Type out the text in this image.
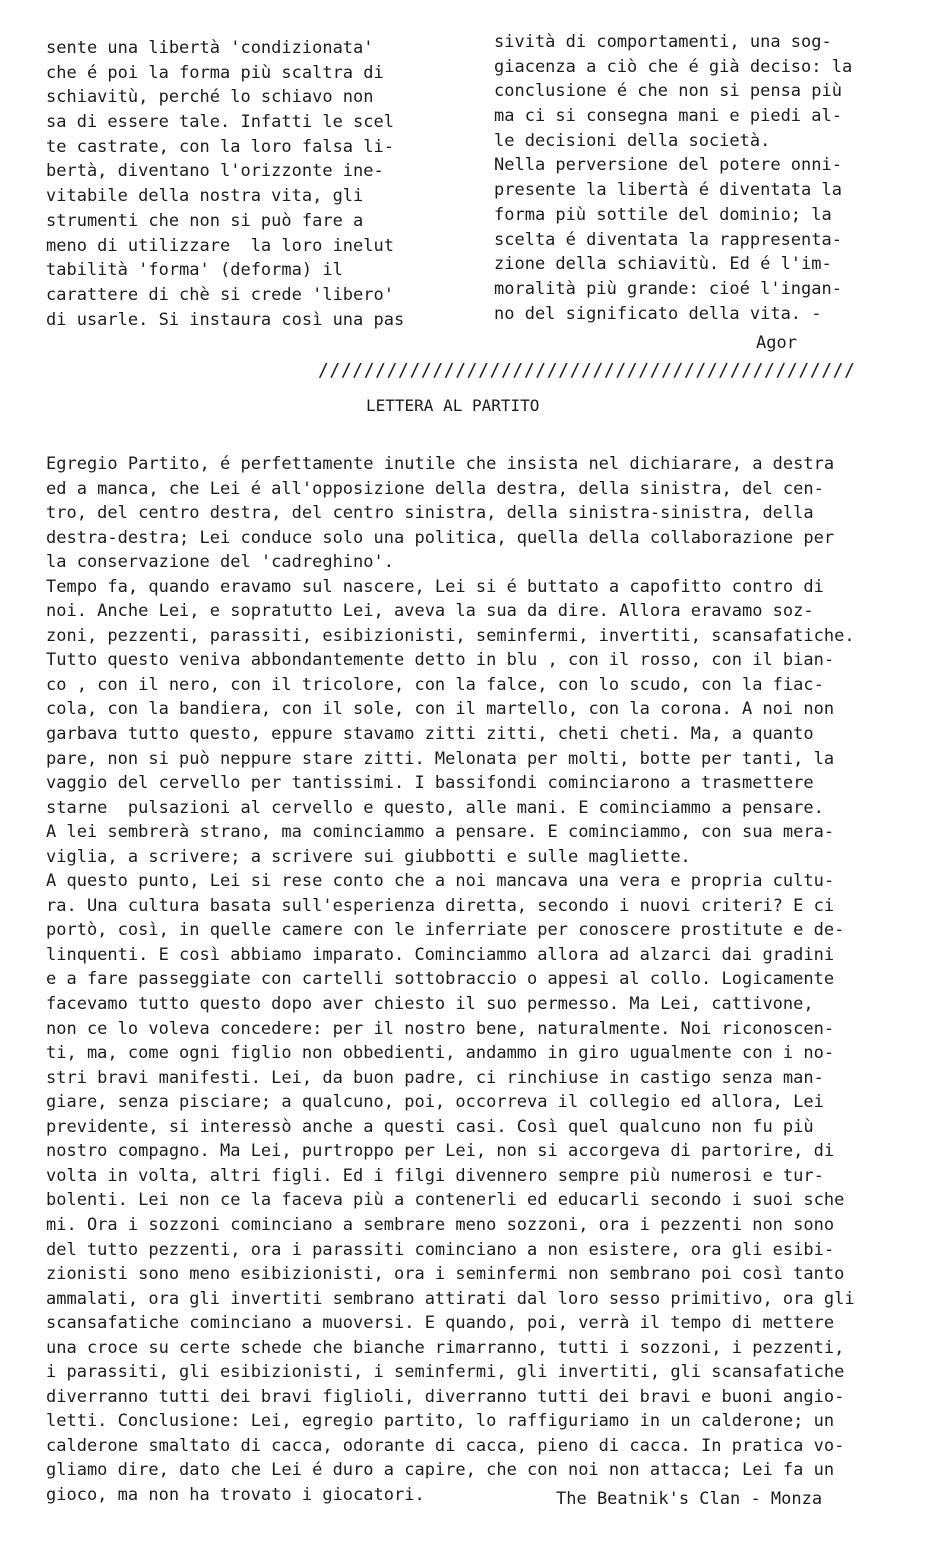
sente una libertà 'condizionata'
che é poi la forma più scaltra di
schiavitù, perché lo schiavo non
sa di essere tale. Infatti le scel
te castrate, con la loro falsa li-
bertà, diventano l'orizzonte ine-
vitabile della nostra vita, gli
strumenti che non si può fare a
meno di utilizzare  la loro inelut
tabilità 'forma' (deforma) il
carattere di chè si crede 'libero'
di usarle. Si instaura così una pas
sività di comportamenti, una sog-
giacenza a ciò che é già deciso: la
conclusione é che non si pensa più
ma ci si consegna mani e piedi al-
le decisioni della società.
Nella perversione del potere onni-
presente la libertà é diventata la
forma più sottile del dominio; la
scelta é diventata la rappresenta-
zione della schiavitù. Ed é l'im-
moralità più grande: cioé l'ingan-
no del significato della vita. -
Agor
///////////////////////////////////////////////
LETTERA AL PARTITO
Egregio Partito, é perfettamente inutile che insista nel dichiarare, a destra
ed a manca, che Lei é all'opposizione della destra, della sinistra, del cen-
tro, del centro destra, del centro sinistra, della sinistra-sinistra, della
destra-destra; Lei conduce solo una politica, quella della collaborazione per
la conservazione del 'cadreghino'.
Tempo fa, quando eravamo sul nascere, Lei si é buttato a capofitto contro di
noi. Anche Lei, e sopratutto Lei, aveva la sua da dire. Allora eravamo soz-
zoni, pezzenti, parassiti, esibizionisti, seminfermi, invertiti, scansafatiche.
Tutto questo veniva abbondantemente detto in blu , con il rosso, con il bian-
co , con il nero, con il tricolore, con la falce, con lo scudo, con la fiac-
cola, con la bandiera, con il sole, con il martello, con la corona. A noi non
garbava tutto questo, eppure stavamo zitti zitti, cheti cheti. Ma, a quanto
pare, non si può neppure stare zitti. Melonata per molti, botte per tanti, la
vaggio del cervello per tantissimi. I bassifondi cominciarono a trasmettere
starne  pulsazioni al cervello e questo, alle mani. E cominciammo a pensare.
A lei sembrerà strano, ma cominciammo a pensare. E cominciammo, con sua mera-
viglia, a scrivere; a scrivere sui giubbotti e sulle magliette.
A questo punto, Lei si rese conto che a noi mancava una vera e propria cultu-
ra. Una cultura basata sull'esperienza diretta, secondo i nuovi criteri? E ci
portò, così, in quelle camere con le inferriate per conoscere prostitute e de-
linquenti. E così abbiamo imparato. Cominciammo allora ad alzarci dai gradini
e a fare passeggiate con cartelli sottobraccio o appesi al collo. Logicamente
facevamo tutto questo dopo aver chiesto il suo permesso. Ma Lei, cattivone,
non ce lo voleva concedere: per il nostro bene, naturalmente. Noi riconoscen-
ti, ma, come ogni figlio non obbedienti, andammo in giro ugualmente con i no-
stri bravi manifesti. Lei, da buon padre, ci rinchiuse in castigo senza man-
giare, senza pisciare; a qualcuno, poi, occorreva il collegio ed allora, Lei
previdente, si interessò anche a questi casi. Così quel qualcuno non fu più
nostro compagno. Ma Lei, purtroppo per Lei, non si accorgeva di partorire, di
volta in volta, altri figli. Ed i filgi divennero sempre più numerosi e tur-
bolenti. Lei non ce la faceva più a contenerli ed educarli secondo i suoi sche
mi. Ora i sozzoni cominciano a sembrare meno sozzoni, ora i pezzenti non sono
del tutto pezzenti, ora i parassiti cominciano a non esistere, ora gli esibi-
zionisti sono meno esibizionisti, ora i seminfermi non sembrano poi così tanto
ammalati, ora gli invertiti sembrano attirati dal loro sesso primitivo, ora gli
scansafatiche cominciano a muoversi. E quando, poi, verrà il tempo di mettere
una croce su certe schede che bianche rimarranno, tutti i sozzoni, i pezzenti,
i parassiti, gli esibizionisti, i seminfermi, gli invertiti, gli scansafatiche
diverranno tutti dei bravi figlioli, diverranno tutti dei bravi e buoni angio-
letti. Conclusione: Lei, egregio partito, lo raffiguriamo in un calderone; un
calderone smaltato di cacca, odorante di cacca, pieno di cacca. In pratica vo-
gliamo dire, dato che Lei é duro a capire, che con noi non attacca; Lei fa un
gioco, ma non ha trovato i giocatori.	The Beatnik's Clan - Monza
